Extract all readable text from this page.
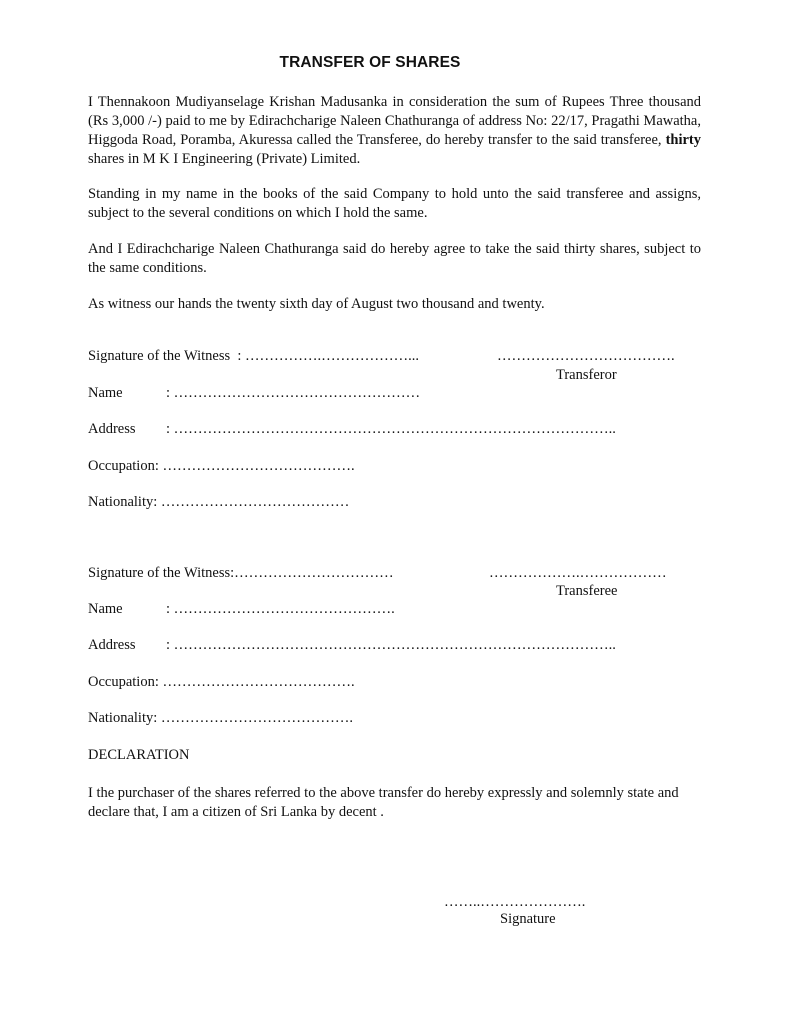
TRANSFER OF SHARES

I Thennakoon Mudiyanselage Krishan Madusanka in consideration the sum of Rupees Three thousand (Rs 3,000 /-) paid to me by Edirachcharige Naleen Chathuranga of address No: 22/17, Pragathi Mawatha, Higgoda Road, Poramba, Akuressa called the Transferee, do hereby transfer to the said transferee, thirty shares in M K I Engineering (Private) Limited.

Standing in my name in the books of the said Company to hold unto the said transferee and assigns, subject to the several conditions on which I hold the same.

And I Edirachcharige Naleen Chathuranga said do hereby agree to take the said thirty shares, subject to the same conditions.

As witness our hands the twenty sixth day of August two thousand and twenty.

Signature of the Witness  : …………….………………...	……………………………….
Transferor
Name	: ……………………………………………
Address : ………………………………………………………………………………..
Occupation: ………………………………….
Nationality: …………………………………
Signature of the Witness:……………………………	……………….………………
Transferee
Name	: ……………………………………….
Address : ………………………………………………………………………………..
Occupation: ………………………………….
Nationality: ………………………………….
DECLARATION

I the purchaser of the shares referred to the above transfer do hereby expressly and solemnly state and declare that, I am a citizen of Sri Lanka by decent .

……..………………….
Signature
